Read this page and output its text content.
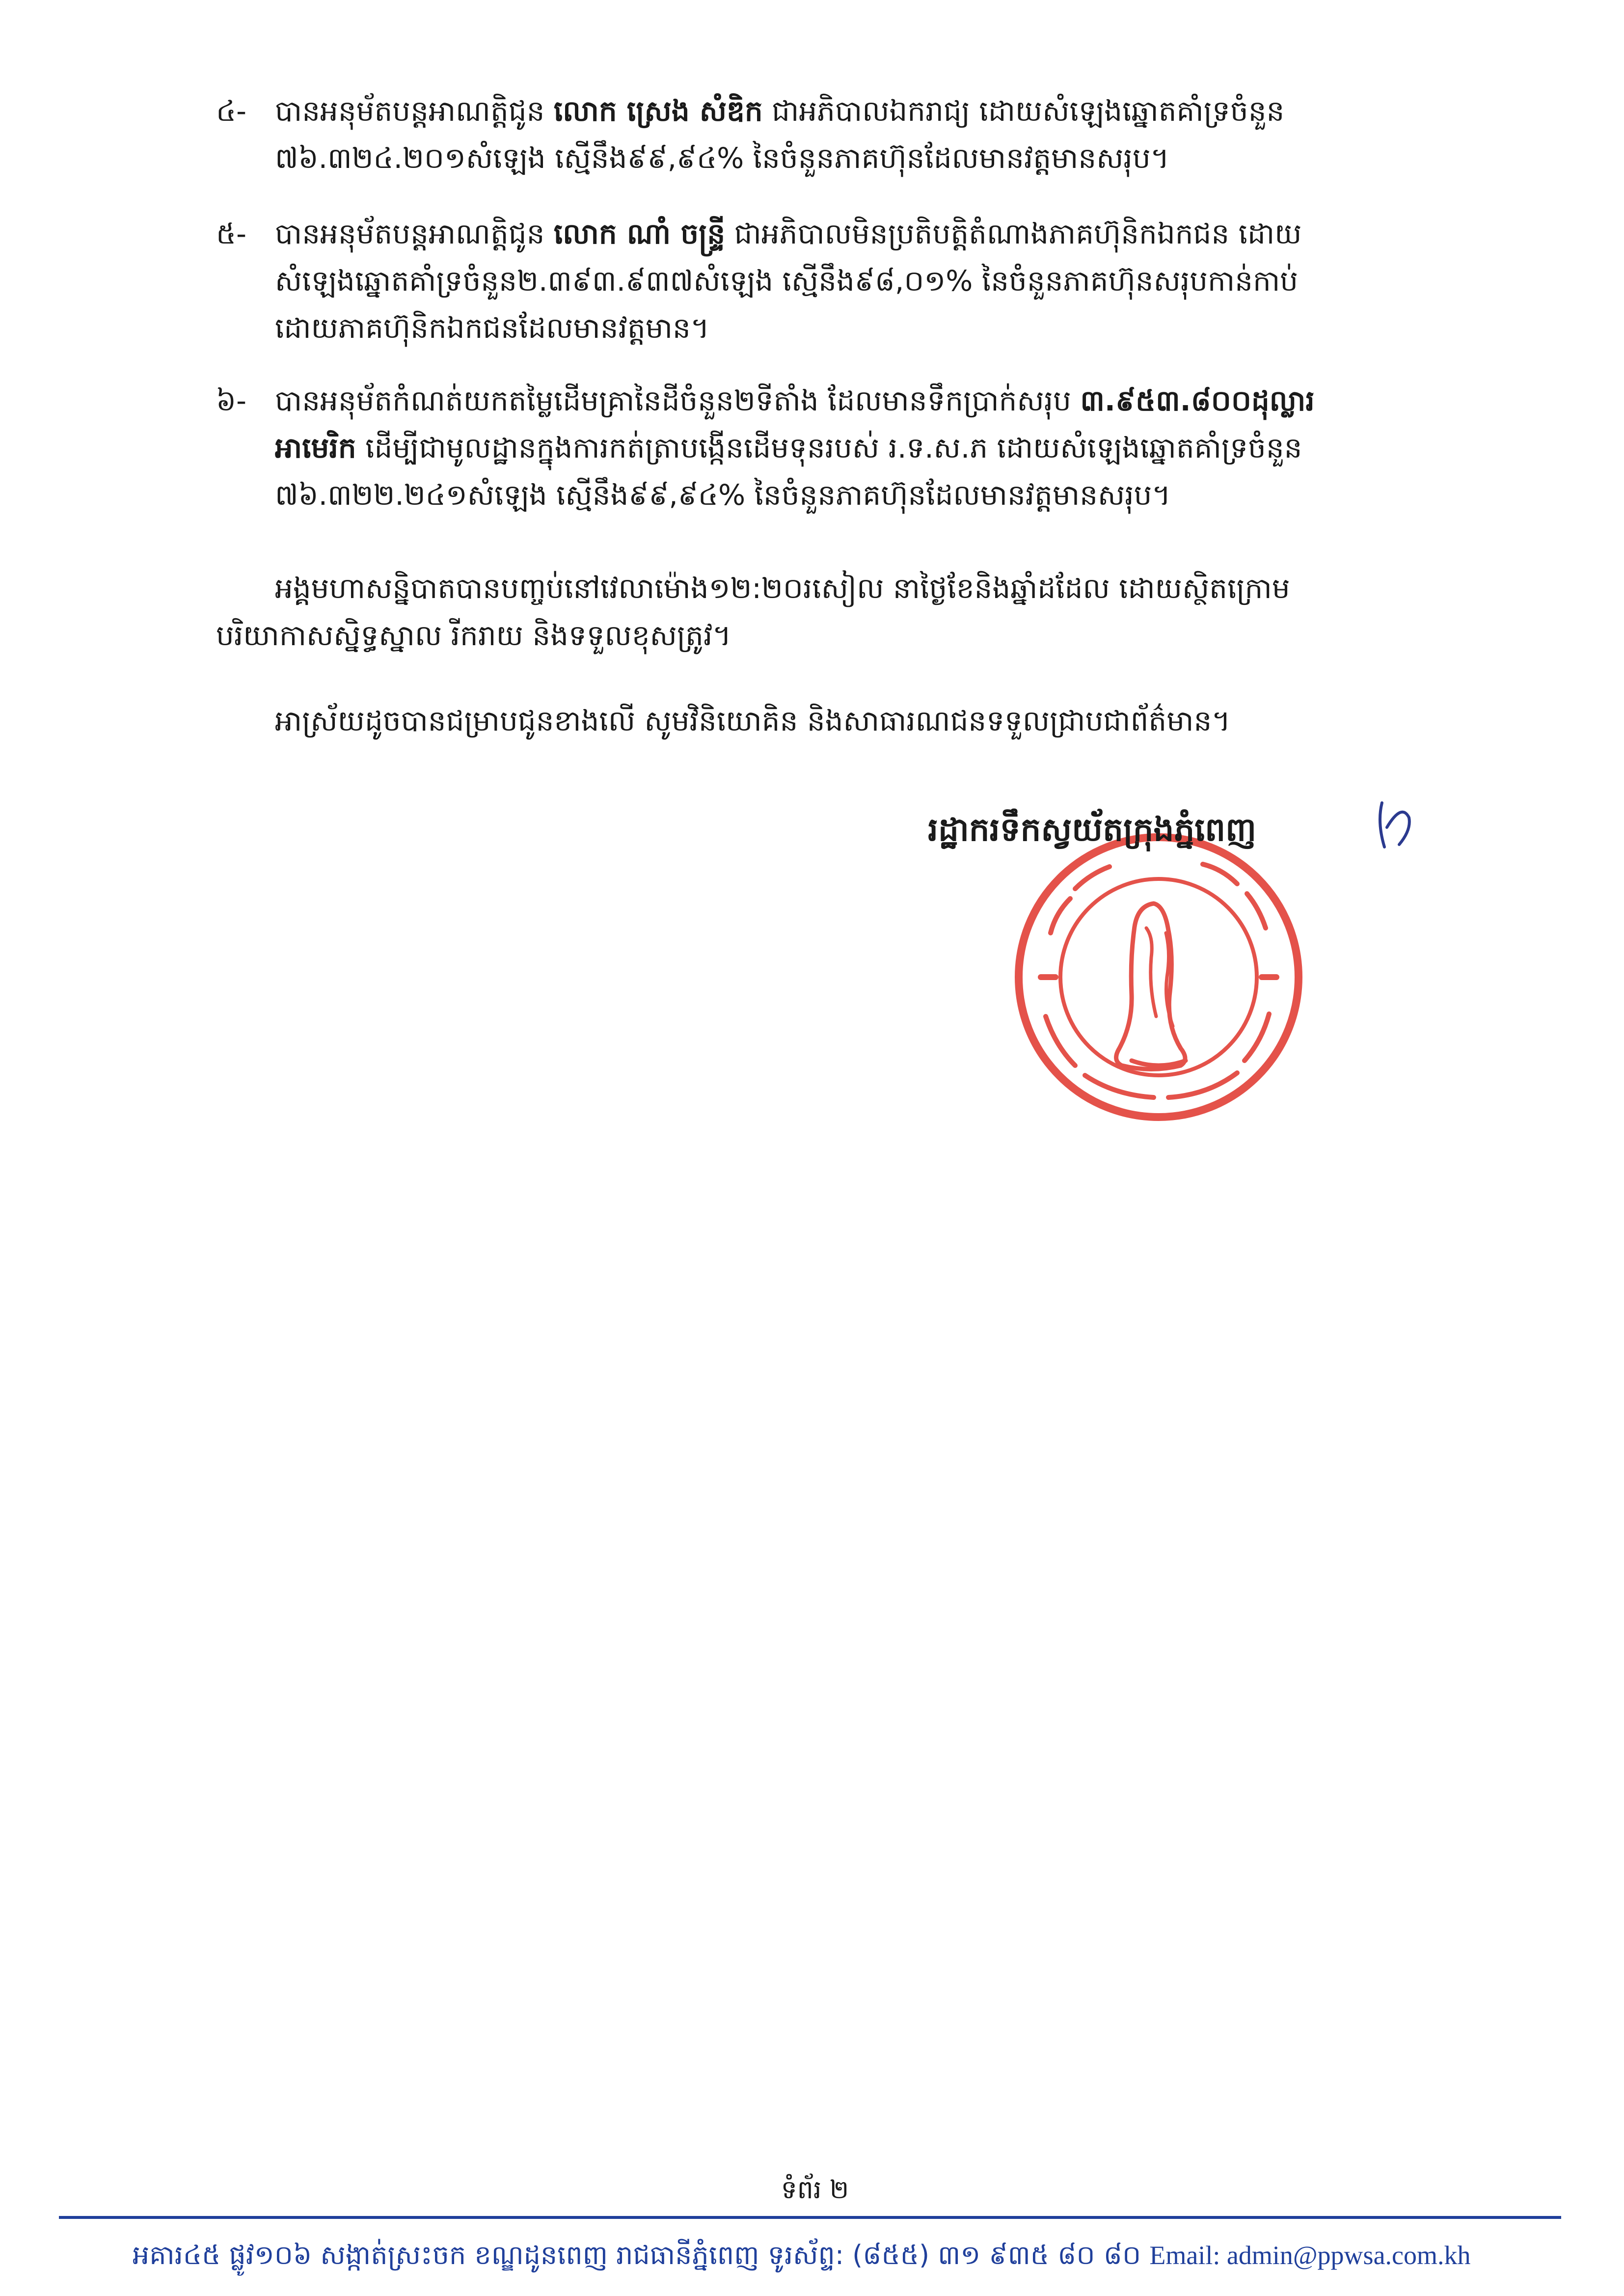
៤- បានអនុម័តបន្តអាណត្តិជូន លោក ស្រេង សំឌិក ជាអភិបាលឯករាជ្យ ដោយសំឡេងឆ្នោតគាំទ្រចំនួន
៧៦.៣២៤.២០១សំឡេង ស្មើនឹង៩៩,៩៤% នៃចំនួនភាគហ៊ុនដែលមានវត្តមានសរុប។
៥- បានអនុម័តបន្តអាណត្តិជូន លោក ណាំ ចន្ទ្រី ជាអភិបាលមិនប្រតិបត្តិតំណាងភាគហ៊ុនិកឯកជន ដោយ
សំឡេងឆ្នោតគាំទ្រចំនួន២.៣៩៣.៩៣៧សំឡេង ស្មើនឹង៩៨,០១% នៃចំនួនភាគហ៊ុនសរុបកាន់កាប់
ដោយភាគហ៊ុនិកឯកជនដែលមានវត្តមាន។
៦- បានអនុម័តកំណត់យកតម្លៃដើមគ្រានៃដីចំនួន២ទីតាំង ដែលមានទឹកប្រាក់សរុប ៣.៩៥៣.៨០០ដុល្លារ
អាមេរិក ដើម្បីជាមូលដ្ឋានក្នុងការកត់ត្រាបង្កើនដើមទុនរបស់ រ.ទ.ស.ភ ដោយសំឡេងឆ្នោតគាំទ្រចំនួន
៧៦.៣២២.២៤១សំឡេង ស្មើនឹង៩៩,៩៤% នៃចំនួនភាគហ៊ុនដែលមានវត្តមានសរុប។
អង្គមហាសន្និបាតបានបញ្ចប់នៅវេលាម៉ោង១២:២០រសៀល នាថ្ងៃខែនិងឆ្នាំដដែល ដោយស្ថិតក្រោម
បរិយាកាសស្និទ្ធស្នាល រីករាយ និងទទួលខុសត្រូវ។
អាស្រ័យដូចបានជម្រាបជូនខាងលើ សូមវិនិយោគិន និងសាធារណជនទទួលជ្រាបជាព័ត៌មាន។
រដ្ឋាករទឹកស្វយ័តក្រុងភ្នំពេញ
ទំព័រ ២
អគារ៤៥ ផ្លូវ១០៦ សង្កាត់ស្រះចក ខណ្ឌដូនពេញ រាជធានីភ្នំពេញ ទូរស័ព្ទ: (៨៥៥) ៣១ ៩៣៥ ៨០ ៨០ Email: admin@ppwsa.com.kh
